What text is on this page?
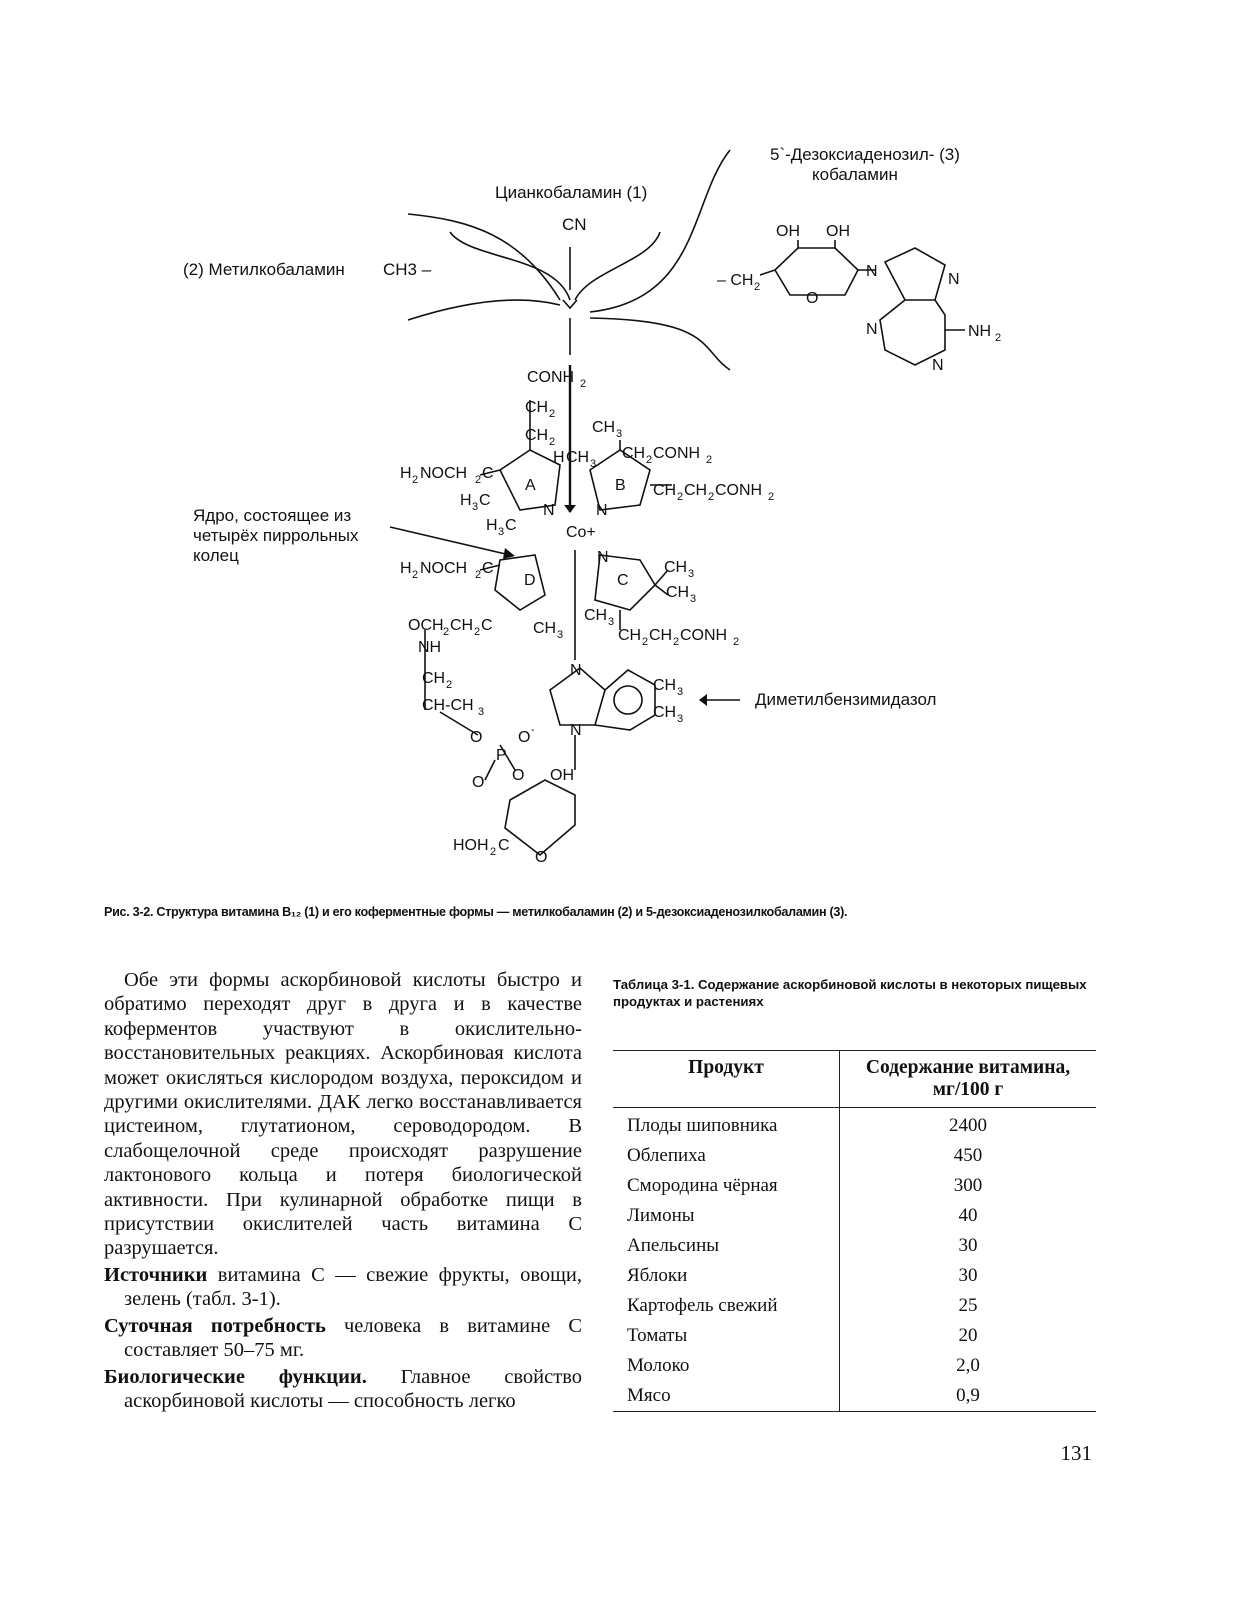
CONH 2
CH 2
CH 2
CH 3
H CH 3
CH 2 CONH 2
H 2 NOCH 2 C
H 3 C
H 3 C
CH 2 CH 2 CONH 2
N	N
H 2 NOCH 2 C
N
CH 3
CH 3
OCH 2 CH 2 C	CH 3
CH 3
CH 2 CH 2 CONH 2
NH
CH 2
CH-CH 3
N
CH 3
CH 3
N
O O -
P
O O OH
HOH 2 C
O
– CH 2
O
OH OH
N	N
N
N
NH 2
Цианкобаламин (1)
CN
(2) Метилкобаламин CH3 –
5`-Дезоксиаденозил- (3)
кобаламин
Ядро, состоящее из
четырёх пиррольных
колец
Диметилбензимидазол
Co+
A	B
C
D
Рис. 3-2. Структура витамина B₁₂ (1) и его коферментные формы — метилкобаламин (2) и 5-дезоксиаденозилкобаламин (3).

Обе эти формы аскорбиновой кислоты быстро и обратимо переходят друг в друга и в качестве коферментов участвуют в окислительно-восстановительных реакциях. Аскорбиновая кислота может окисляться кислородом воздуха, пероксидом и другими окислителями. ДАК легко восстанавливается цистеином, глутатионом, сероводородом. В слабощелочной среде происходят разрушение лактонового кольца и потеря биологической активности. При кулинарной обработке пищи в присутствии окислителей часть витамина C разрушается.

Источники витамина C — свежие фрукты, овощи, зелень (табл. 3-1).

Суточная потребность человека в витамине C составляет 50–75 мг.

Биологические функции. Главное свойство аскорбиновой кислоты — способность легко

Таблица 3-1. Содержание аскорбиновой кислоты в некоторых пищевых продуктах и растениях
Продукт	Содержание витамина, мг/100 г
Плоды шиповника	2400
Облепиха	450
Смородина чёрная	300
Лимоны	40
Апельсины	30
Яблоки	30
Картофель свежий	25
Томаты	20
Молоко	2,0
Мясо	0,9
131
